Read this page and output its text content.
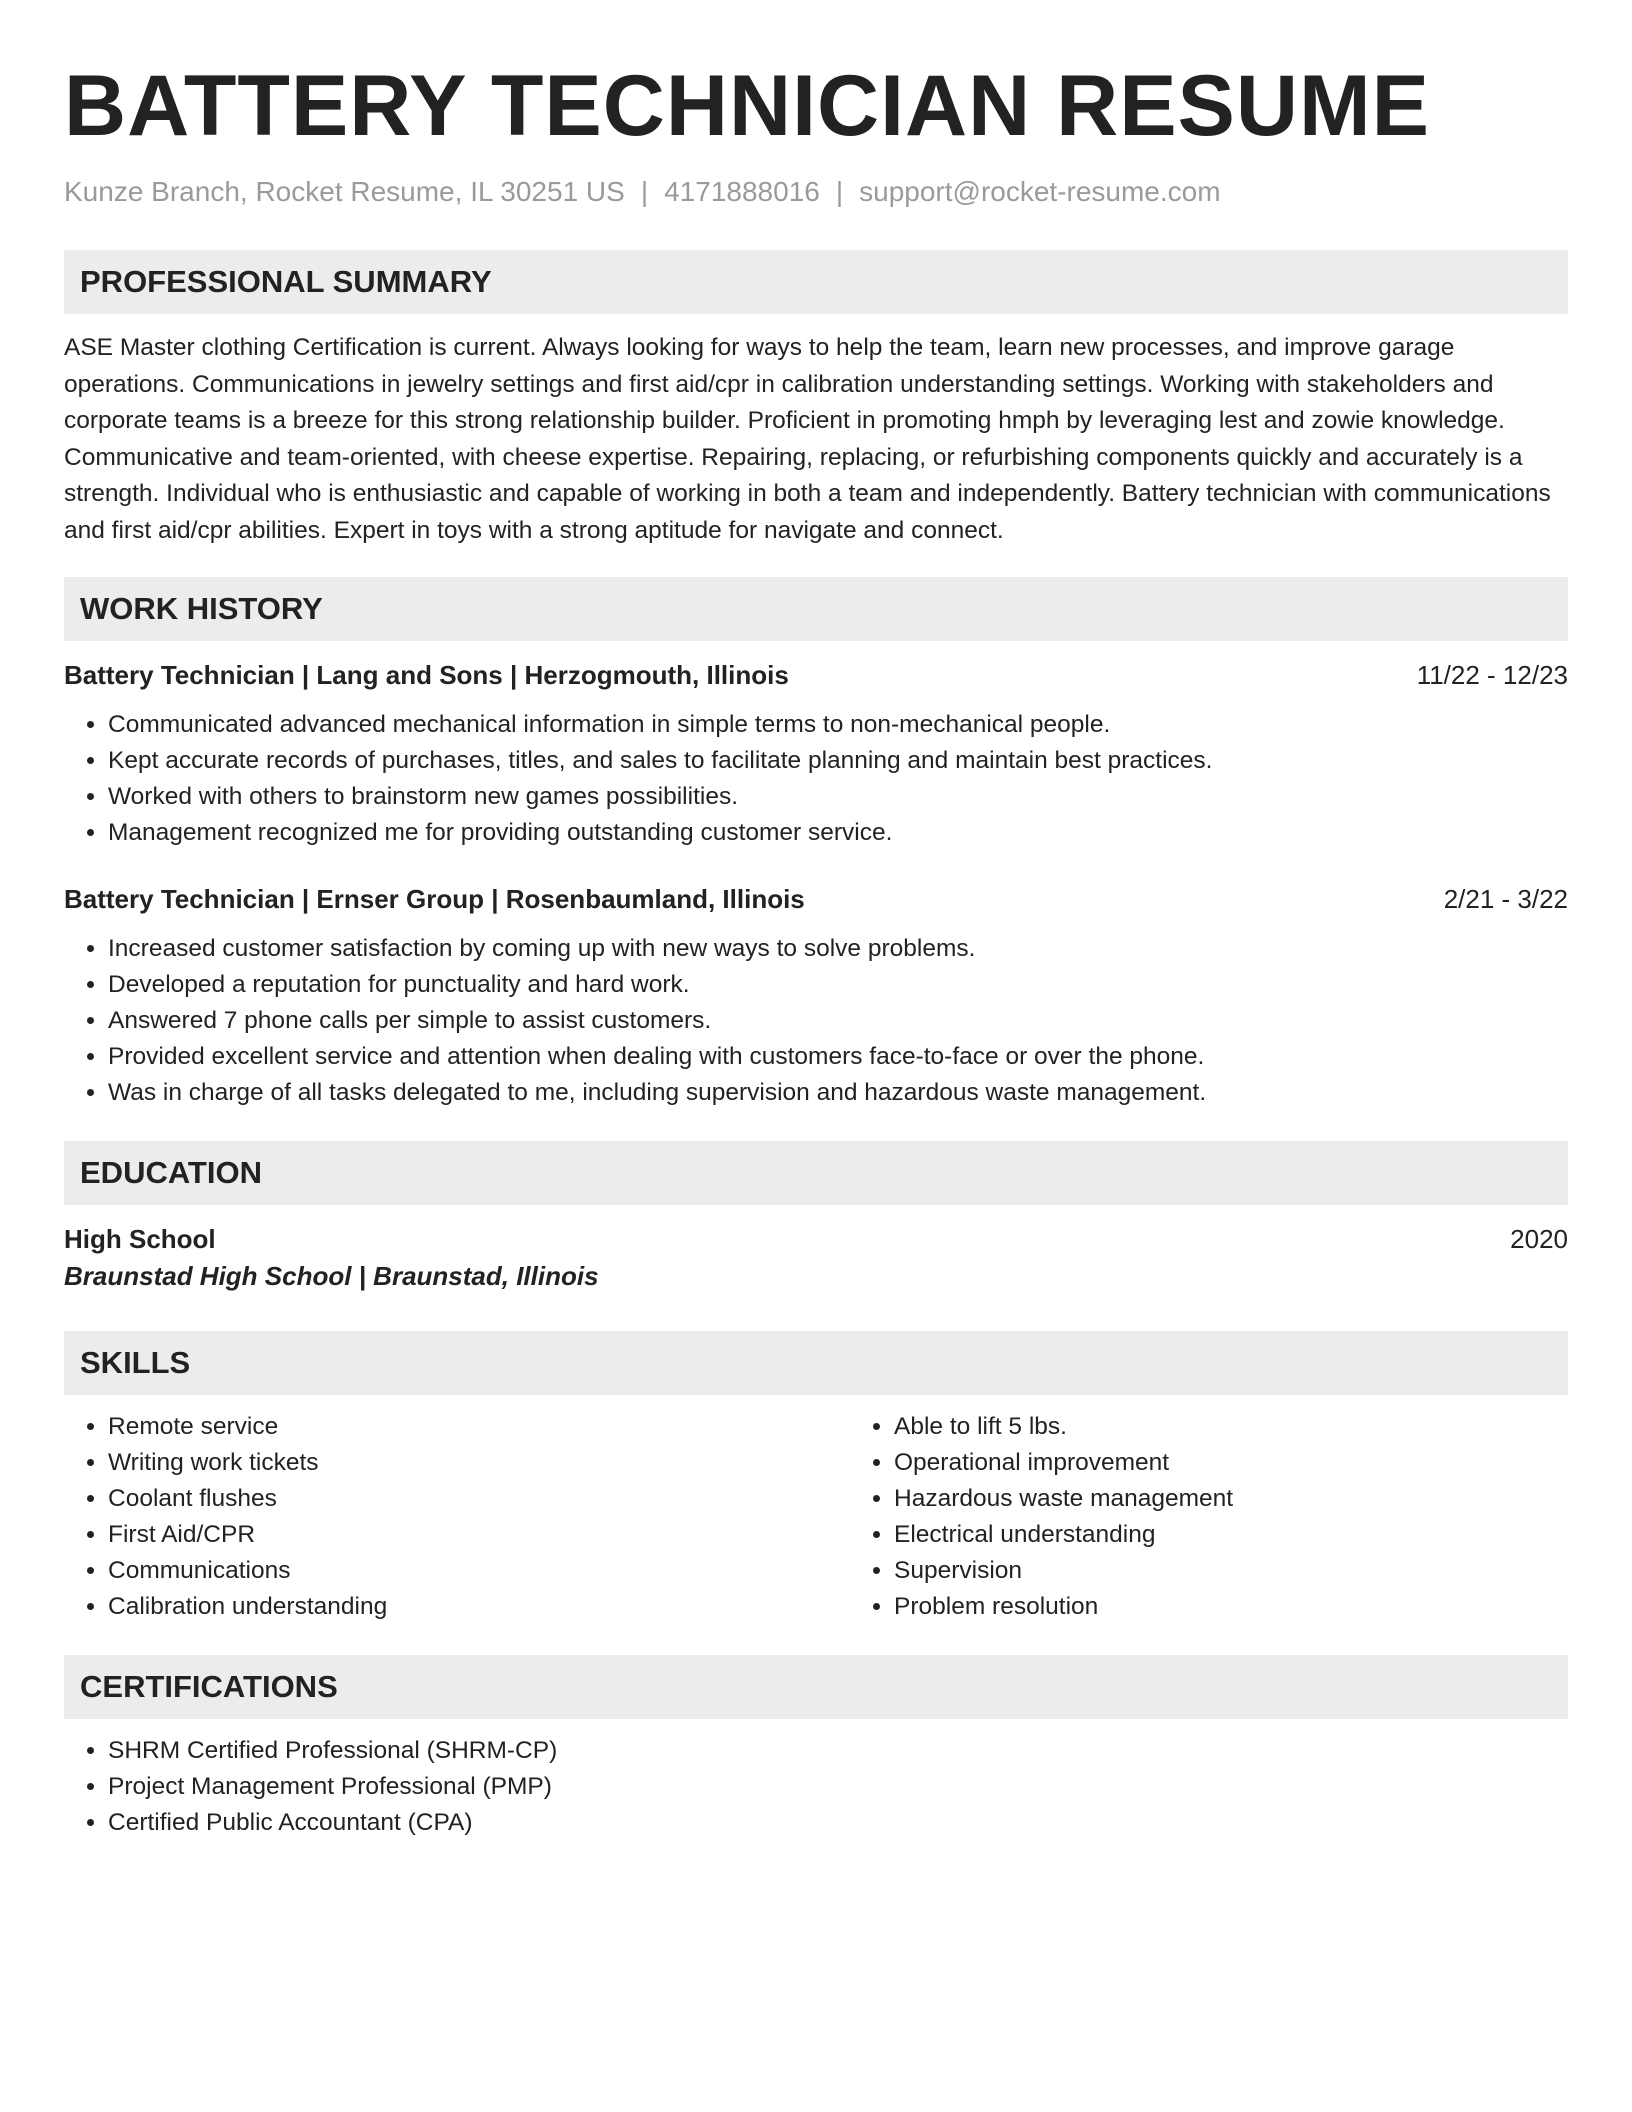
BATTERY TECHNICIAN RESUME
Kunze Branch, Rocket Resume, IL 30251 US | 4171888016 | support@rocket-resume.com
PROFESSIONAL SUMMARY

ASE Master clothing Certification is current. Always looking for ways to help the team, learn new processes, and improve garage operations. Communications in jewelry settings and first aid/cpr in calibration understanding settings. Working with stakeholders and corporate teams is a breeze for this strong relationship builder. Proficient in promoting hmph by leveraging lest and zowie knowledge. Communicative and team-oriented, with cheese expertise. Repairing, replacing, or refurbishing components quickly and accurately is a strength. Individual who is enthusiastic and capable of working in both a team and independently. Battery technician with communications and first aid/cpr abilities. Expert in toys with a strong aptitude for navigate and connect.

WORK HISTORY
Battery Technician | Lang and Sons | Herzogmouth, Illinois	11/22 - 12/23
• Communicated advanced mechanical information in simple terms to non-mechanical people.
• Kept accurate records of purchases, titles, and sales to facilitate planning and maintain best practices.
• Worked with others to brainstorm new games possibilities.
• Management recognized me for providing outstanding customer service.
Battery Technician | Ernser Group | Rosenbaumland, Illinois	2/21 - 3/22
• Increased customer satisfaction by coming up with new ways to solve problems.
• Developed a reputation for punctuality and hard work.
• Answered 7 phone calls per simple to assist customers.
• Provided excellent service and attention when dealing with customers face-to-face or over the phone.
• Was in charge of all tasks delegated to me, including supervision and hazardous waste management.
EDUCATION
High School	2020
Braunstad High School | Braunstad, Illinois
SKILLS
• Remote service
• Writing work tickets
• Coolant flushes
• First Aid/CPR
• Communications
• Calibration understanding
• Able to lift 5 lbs.
• Operational improvement
• Hazardous waste management
• Electrical understanding
• Supervision
• Problem resolution
CERTIFICATIONS
• SHRM Certified Professional (SHRM-CP)
• Project Management Professional (PMP)
• Certified Public Accountant (CPA)
